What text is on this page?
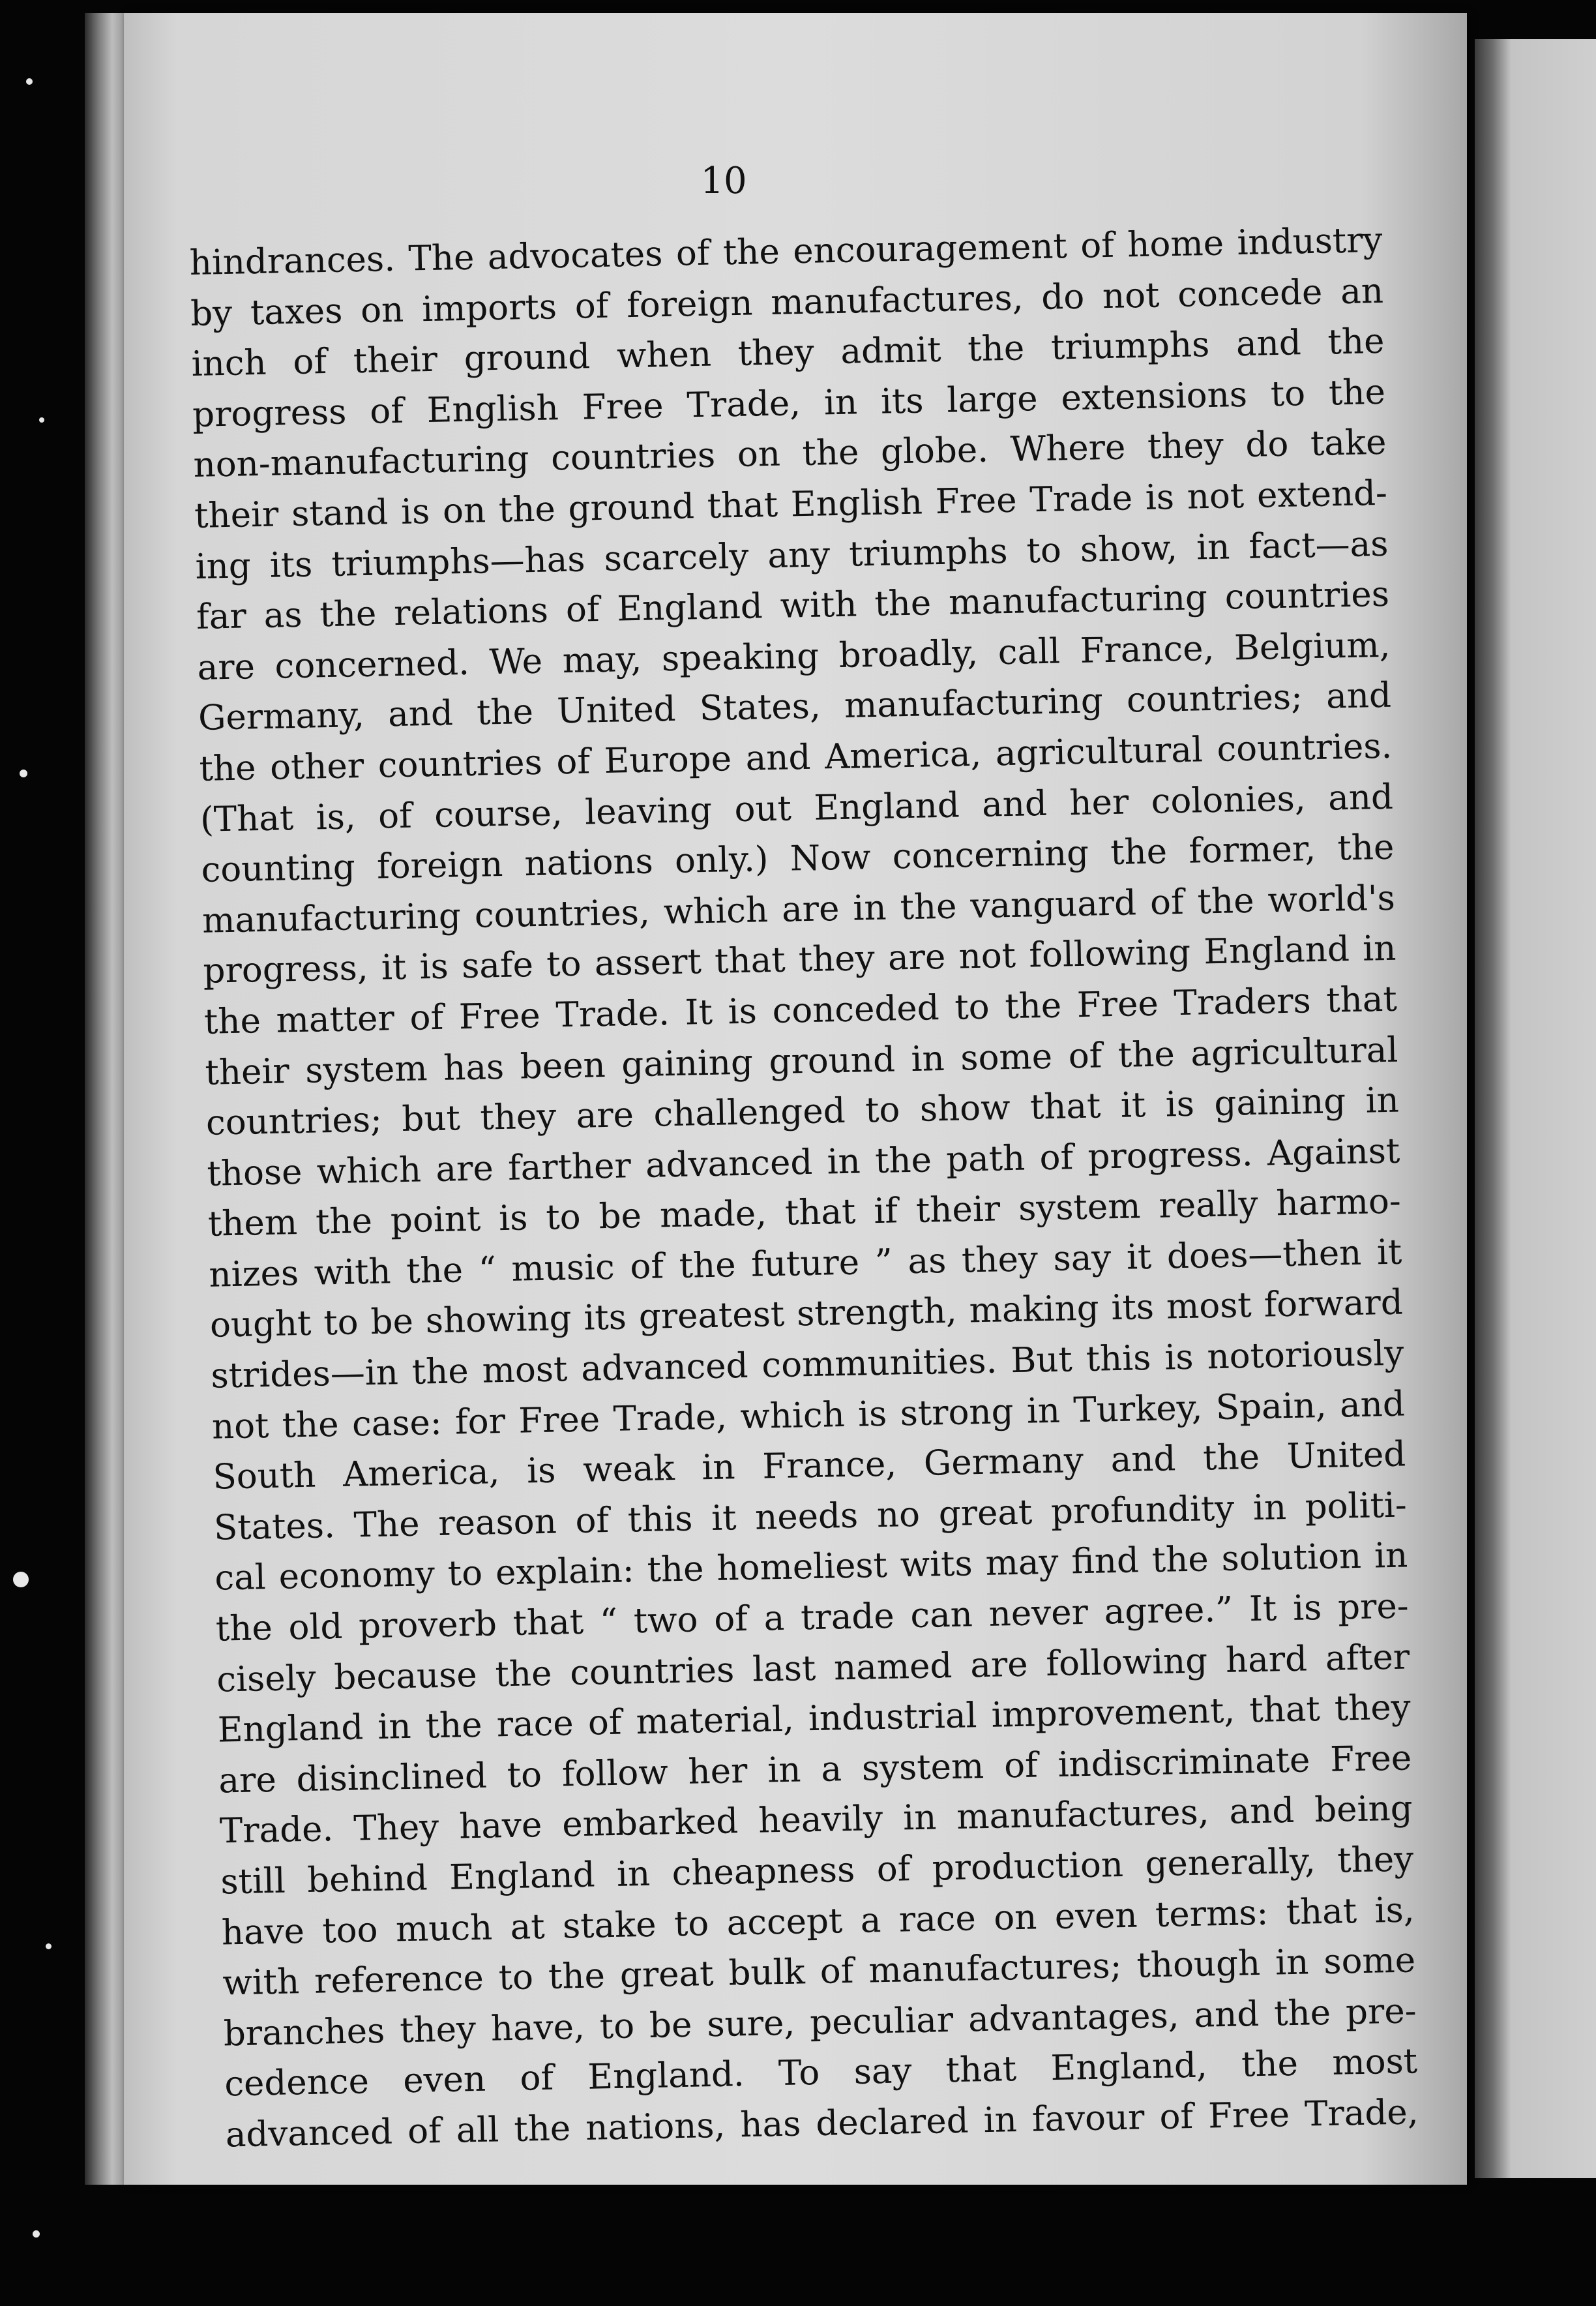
10
hindrances. The advocates of the encouragement of home industry
by taxes on imports of foreign manufactures, do not concede an
inch of their ground when they admit the triumphs and the
progress of English Free Trade, in its large extensions to the
non-manufacturing countries on the globe. Where they do take
their stand is on the ground that English Free Trade is not extend-
ing its triumphs—has scarcely any triumphs to show, in fact—as
far as the relations of England with the manufacturing countries
are concerned. We may, speaking broadly, call France, Belgium,
Germany, and the United States, manufacturing countries; and
the other countries of Europe and America, agricultural countries.
(That is, of course, leaving out England and her colonies, and
counting foreign nations only.) Now concerning the former, the
manufacturing countries, which are in the vanguard of the world's
progress, it is safe to assert that they are not following England in
the matter of Free Trade. It is conceded to the Free Traders that
their system has been gaining ground in some of the agricultural
countries; but they are challenged to show that it is gaining in
those which are farther advanced in the path of progress. Against
them the point is to be made, that if their system really harmo-
nizes with the “ music of the future ” as they say it does—then it
ought to be showing its greatest strength, making its most forward
strides—in the most advanced communities. But this is notoriously
not the case: for Free Trade, which is strong in Turkey, Spain, and
South America, is weak in France, Germany and the United
States. The reason of this it needs no great profundity in politi-
cal economy to explain: the homeliest wits may find the solution in
the old proverb that “ two of a trade can never agree.” It is pre-
cisely because the countries last named are following hard after
England in the race of material, industrial improvement, that they
are disinclined to follow her in a system of indiscriminate Free
Trade. They have embarked heavily in manufactures, and being
still behind England in cheapness of production generally, they
have too much at stake to accept a race on even terms: that is,
with reference to the great bulk of manufactures; though in some
branches they have, to be sure, peculiar advantages, and the pre-
cedence even of England. To say that England, the most
advanced of all the nations, has declared in favour of Free Trade,
